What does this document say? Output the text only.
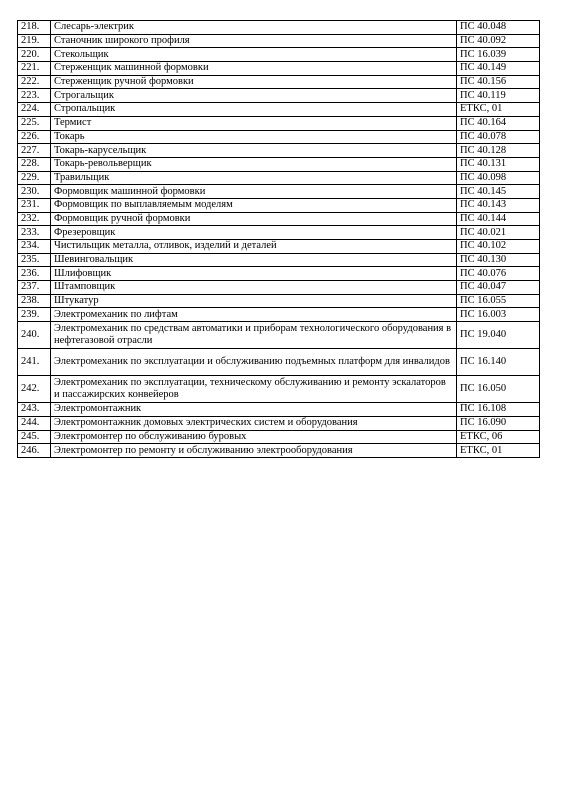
218.	Слесарь-электрик	ПС 40.048
219.	Станочник широкого профиля	ПС 40.092
220.	Стекольщик	ПС 16.039
221.	Стерженщик машинной формовки	ПС 40.149
222.	Стерженщик ручной формовки	ПС 40.156
223.	Строгальщик	ПС 40.119
224.	Стропальщик	ЕТКС, 01
225.	Термист	ПС 40.164
226.	Токарь	ПС 40.078
227.	Токарь-карусельщик	ПС 40.128
228.	Токарь-револьверщик	ПС 40.131
229.	Травильщик	ПС 40.098
230.	Формовщик машинной формовки	ПС 40.145
231.	Формовщик по выплавляемым моделям	ПС 40.143
232.	Формовщик ручной формовки	ПС 40.144
233.	Фрезеровщик	ПС 40.021
234.	Чистильщик металла, отливок, изделий и деталей	ПС 40.102
235.	Шевинговальщик	ПС 40.130
236.	Шлифовщик	ПС 40.076
237.	Штамповщик	ПС 40.047
238.	Штукатур	ПС 16.055
239.	Электромеханик по лифтам	ПС 16.003
240.	Электромеханик по средствам автоматики и приборам технологического оборудования в нефтегазовой отрасли	ПС 19.040
241.	Электромеханик по эксплуатации и обслуживанию подъемных платформ для инвалидов	ПС 16.140
242.	Электромеханик по эксплуатации, техническому обслуживанию и ремонту эскалаторов и пассажирских конвейеров	ПС 16.050
243.	Электромонтажник	ПС 16.108
244.	Электромонтажник домовых электрических систем и оборудования	ПС 16.090
245.	Электромонтер по обслуживанию буровых	ЕТКС, 06
246.	Электромонтер по ремонту и обслуживанию электрооборудования	ЕТКС, 01
